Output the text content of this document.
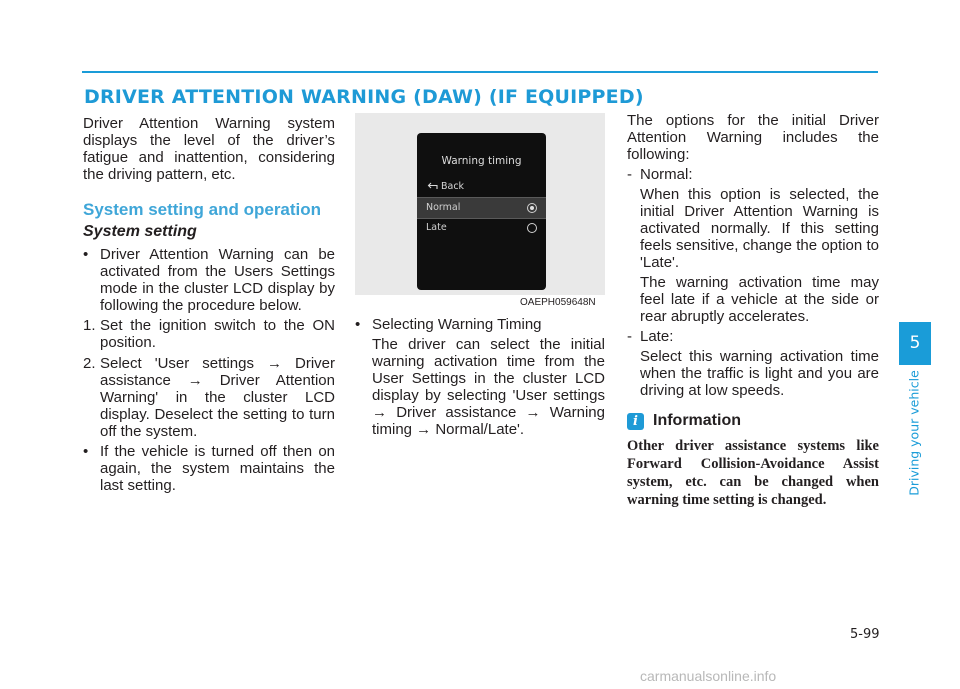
DRIVER ATTENTION WARNING (DAW) (IF EQUIPPED)

Driver Attention Warning system displays the level of the driver’s fatigue and inattention, considering the driving pattern, etc.

System setting and operation
System setting

• Driver Attention Warning can be activated from the Users Settings mode in the cluster LCD display by following the procedure below.

1. Set the ignition switch to the ON position.

2. Select 'User settings → Driver assistance → Driver Attention Warning' in the cluster LCD display. Deselect the setting to turn off the system.

• If the vehicle is turned off then on again, the system maintains the last setting.

Warning timing
Back
Normal
Late
OAEPH059648N

• Selecting Warning Timing

The driver can select the initial warning activation time from the User Settings in the cluster LCD display by selecting 'User settings → Driver assistance → Warning timing → Normal/Late'.

The options for the initial Driver Attention Warning includes the following:

- Normal:

When this option is selected, the initial Driver Attention Warning is activated normally. If this setting feels sensitive, change the option to 'Late'.

The warning activation time may feel late if a vehicle at the side or rear abruptly accelerates.

- Late:

Select this warning activation time when the traffic is light and you are driving at low speeds.

i Information

Other driver assistance systems like Forward Collision-Avoidance Assist system, etc. can be changed when warning time setting is changed.

5
Driving your vehicle

5-99

carmanualsonline.info
